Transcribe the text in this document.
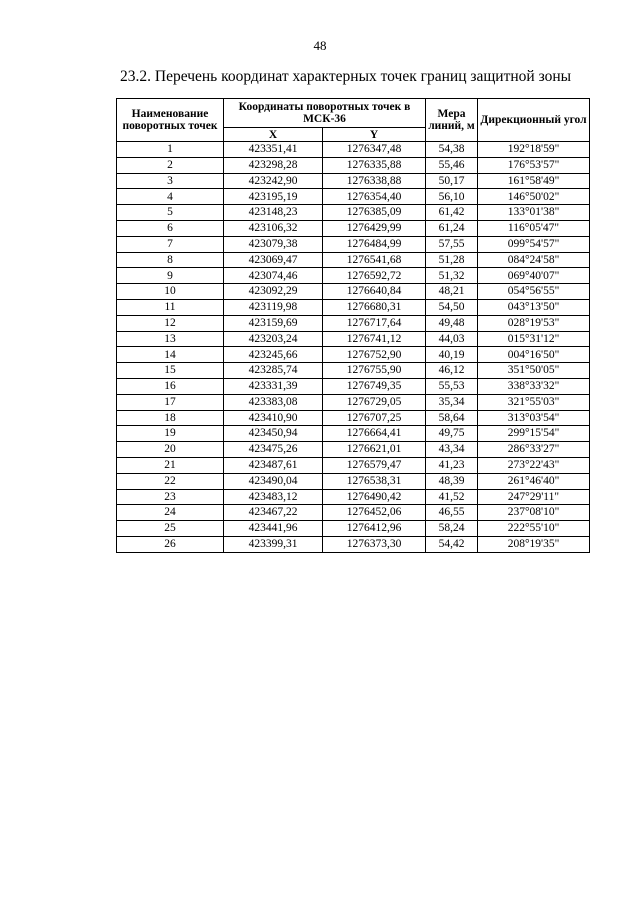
48
23.2. Перечень координат характерных точек границ защитной зоны
Наименование поворотных точек	Координаты поворотных точек в МСК-36		Мера линий, м	Дирекционный угол
	X	Y		
1	423351,41	1276347,48	54,38	192°18'59"
2	423298,28	1276335,88	55,46	176°53'57"
3	423242,90	1276338,88	50,17	161°58'49"
4	423195,19	1276354,40	56,10	146°50'02"
5	423148,23	1276385,09	61,42	133°01'38"
6	423106,32	1276429,99	61,24	116°05'47"
7	423079,38	1276484,99	57,55	099°54'57"
8	423069,47	1276541,68	51,28	084°24'58"
9	423074,46	1276592,72	51,32	069°40'07"
10	423092,29	1276640,84	48,21	054°56'55"
11	423119,98	1276680,31	54,50	043°13'50"
12	423159,69	1276717,64	49,48	028°19'53"
13	423203,24	1276741,12	44,03	015°31'12"
14	423245,66	1276752,90	40,19	004°16'50"
15	423285,74	1276755,90	46,12	351°50'05"
16	423331,39	1276749,35	55,53	338°33'32"
17	423383,08	1276729,05	35,34	321°55'03"
18	423410,90	1276707,25	58,64	313°03'54"
19	423450,94	1276664,41	49,75	299°15'54"
20	423475,26	1276621,01	43,34	286°33'27"
21	423487,61	1276579,47	41,23	273°22'43"
22	423490,04	1276538,31	48,39	261°46'40"
23	423483,12	1276490,42	41,52	247°29'11"
24	423467,22	1276452,06	46,55	237°08'10"
25	423441,96	1276412,96	58,24	222°55'10"
26	423399,31	1276373,30	54,42	208°19'35"
